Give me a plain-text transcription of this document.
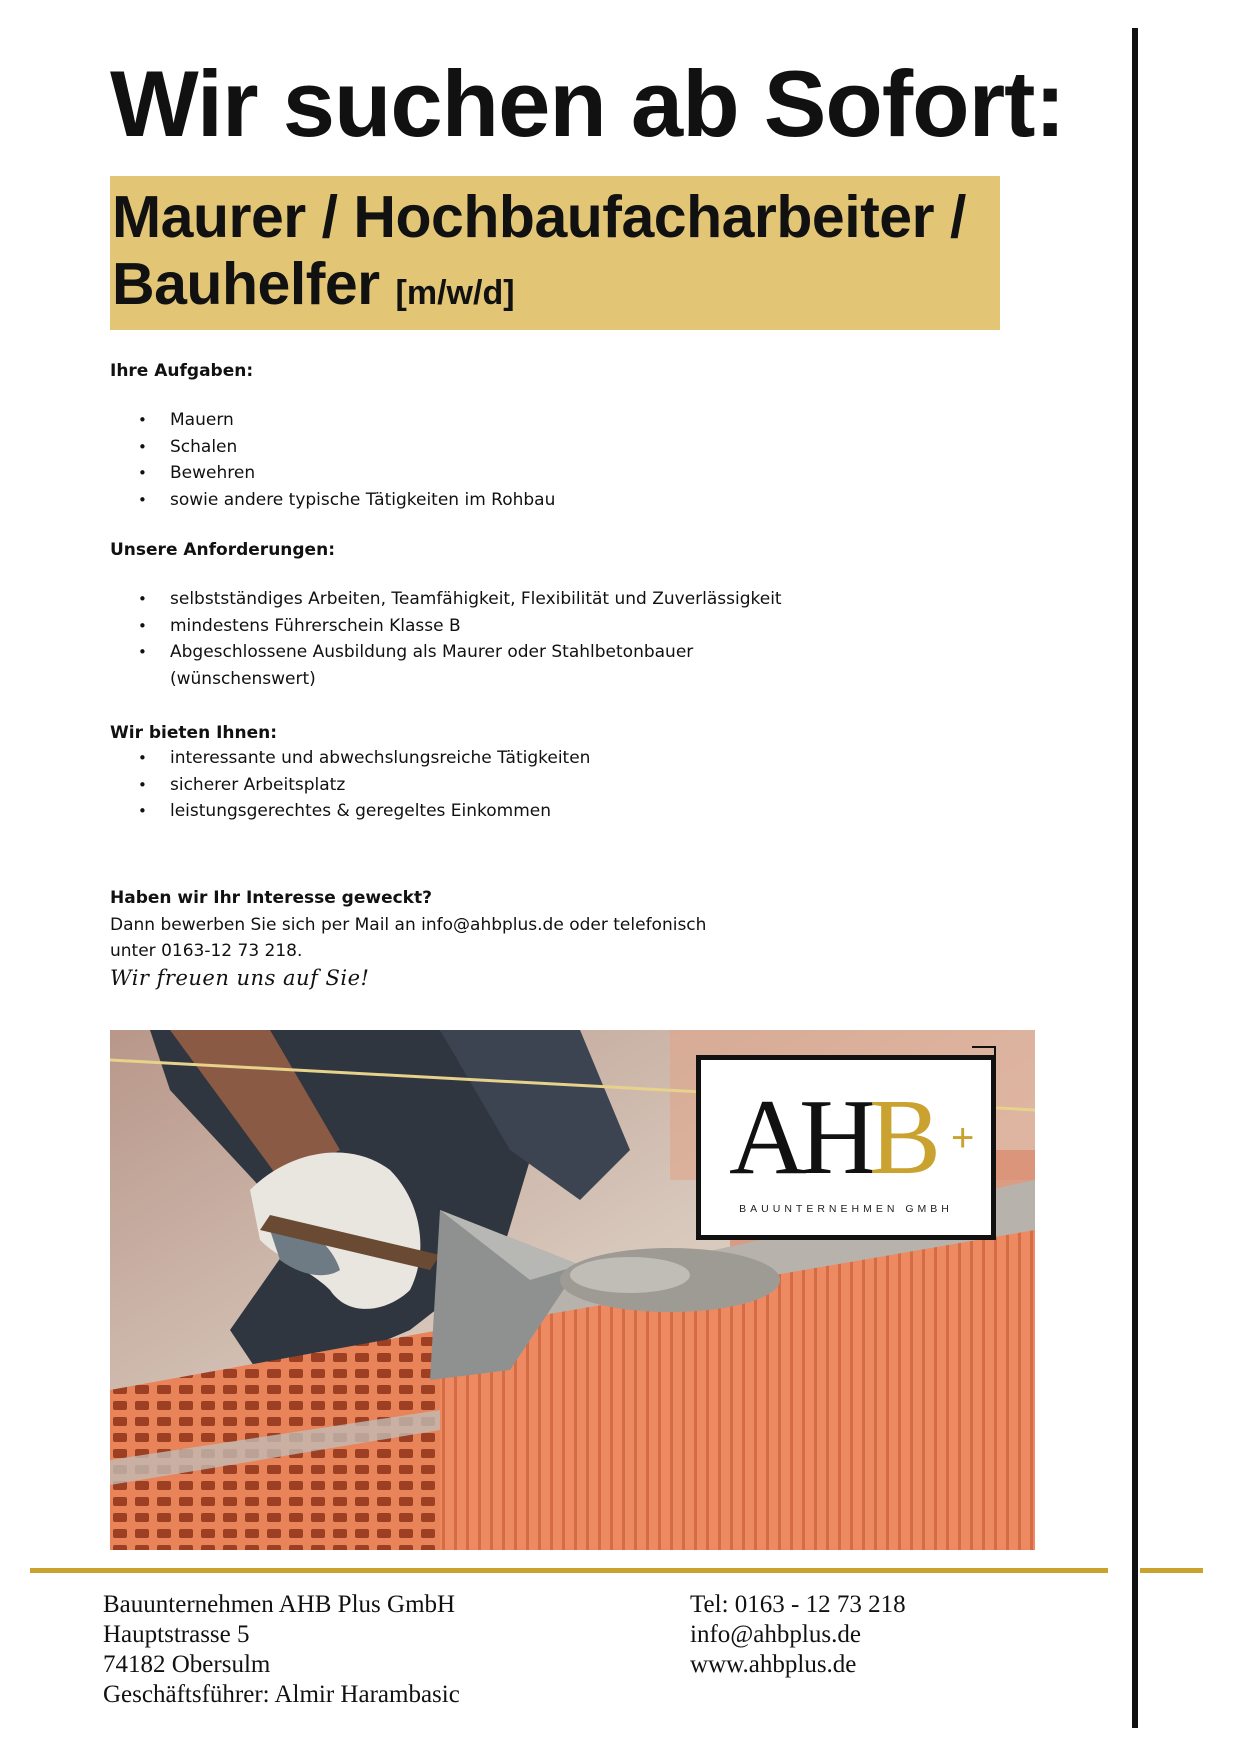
Wir suchen ab Sofort:
Maurer / Hochbaufacharbeiter /
Bauhelfer [m/w/d]
Ihre Aufgaben:
• Mauern
• Schalen
• Bewehren
• sowie andere typische Tätigkeiten im Rohbau
Unsere Anforderungen:
• selbstständiges Arbeiten, Teamfähigkeit, Flexibilität und Zuverlässigkeit
• mindestens Führerschein Klasse B
• Abgeschlossene Ausbildung als Maurer oder Stahlbetonbauer (wünschenswert)
Wir bieten Ihnen:
• interessante und abwechslungsreiche Tätigkeiten
• sicherer Arbeitsplatz
• leistungsgerechtes & geregeltes Einkommen
Haben wir Ihr Interesse geweckt?
Dann bewerben Sie sich per Mail an info@ahbplus.de oder telefonisch
unter 0163-12 73 218.
Wir freuen uns auf Sie!
AHB +
BAUUNTERNEHMEN GMBH
Bauunternehmen AHB Plus GmbH
Hauptstrasse 5
74182 Obersulm
Geschäftsführer: Almir Harambasic
Tel: 0163 - 12 73 218
info@ahbplus.de
www.ahbplus.de
